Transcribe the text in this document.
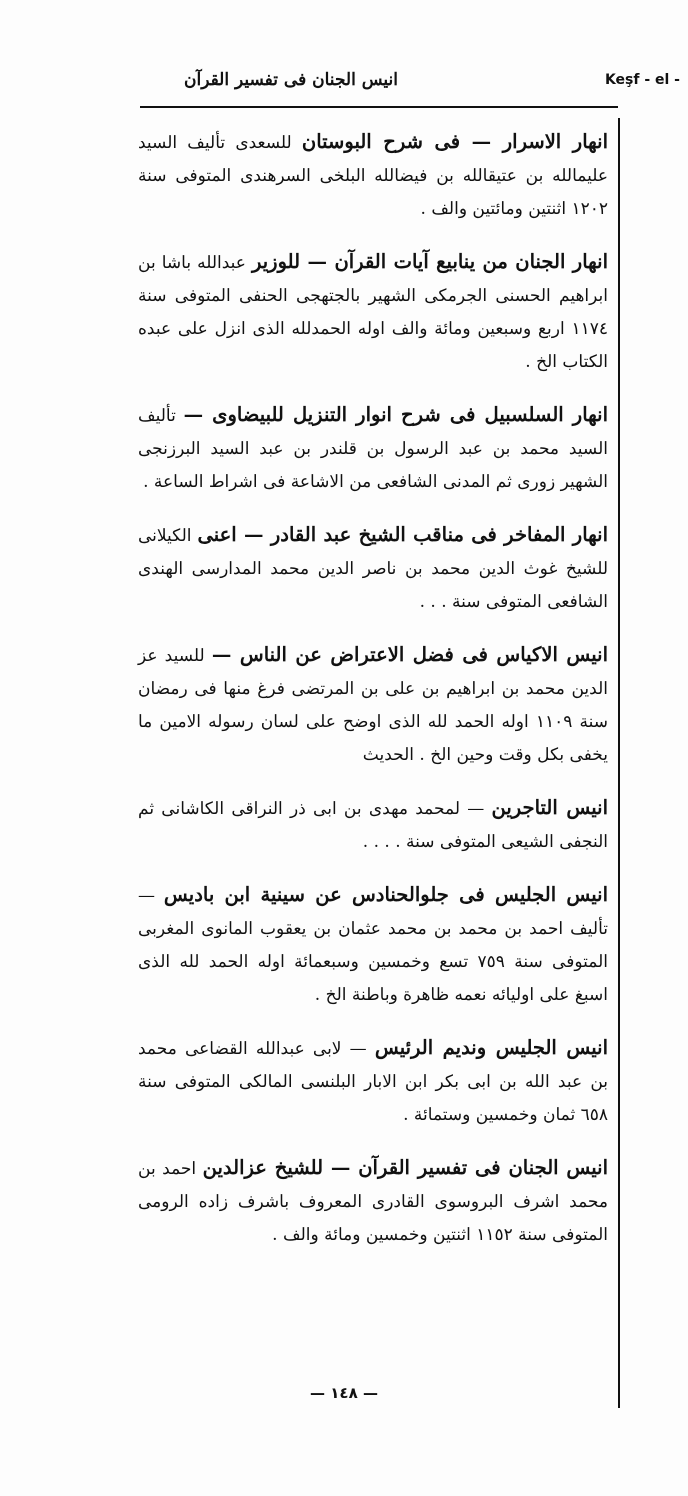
انيس الجنان فى تفسير القرآن	Keşf - el -

انهار الاسرار — فى شرح البوستان للسعدى تأليف السيد عليمالله بن عتيقالله بن فيضالله البلخى السرهندى المتوفى سنة ١٢٠٢ اثنتين ومائتين والف .

انهار الجنان من ينابيع آيات القرآن — للوزير عبدالله باشا بن ابراهيم الحسنى الجرمكى الشهير بالجتهجى الحنفى المتوفى سنة ١١٧٤ اربع وسبعين ومائة والف اوله الحمدلله الذى انزل على عبده الكتاب الخ .

انهار السلسبيل فى شرح انوار التنزيل للبيضاوى — تأليف السيد محمد بن عبد الرسول بن قلندر بن عبد السيد البرزنجى الشهير زورى ثم المدنى الشافعى من الاشاعة فى اشراط الساعة .

انهار المفاخر فى مناقب الشيخ عبد القادر — اعنى الكيلانى للشيخ غوث الدين محمد بن ناصر الدين محمد المدارسى الهندى الشافعى المتوفى سنة . . .

انيس الاكياس فى فضل الاعتراض عن الناس — للسيد عز الدين محمد بن ابراهيم بن على بن المرتضى فرغ منها فى رمضان سنة ١١٠٩ اوله الحمد لله الذى اوضح على لسان رسوله الامين ما يخفى بكل وقت وحين الخ . الحديث

انيس التاجرين — لمحمد مهدى بن ابى ذر النراقى الكاشانى ثم النجفى الشيعى المتوفى سنة . . . .

انيس الجليس فى جلوالحنادس عن سينية ابن باديس — تأليف احمد بن محمد بن محمد عثمان بن يعقوب المانوى المغربى المتوفى سنة ٧٥٩ تسع وخمسين وسبعمائة اوله الحمد لله الذى اسبغ على اوليائه نعمه ظاهرة وباطنة الخ .

انيس الجليس ونديم الرئيس — لابى عبدالله القضاعى محمد بن عبد الله بن ابى بكر ابن الابار البلنسى المالكى المتوفى سنة ٦٥٨ ثمان وخمسين وستمائة .

انيس الجنان فى تفسير القرآن — للشيخ عزالدين احمد بن محمد اشرف البروسوى القادرى المعروف باشرف زاده الرومى المتوفى سنة ١١٥٢ اثنتين وخمسين ومائة والف .

— ١٤٨ —
